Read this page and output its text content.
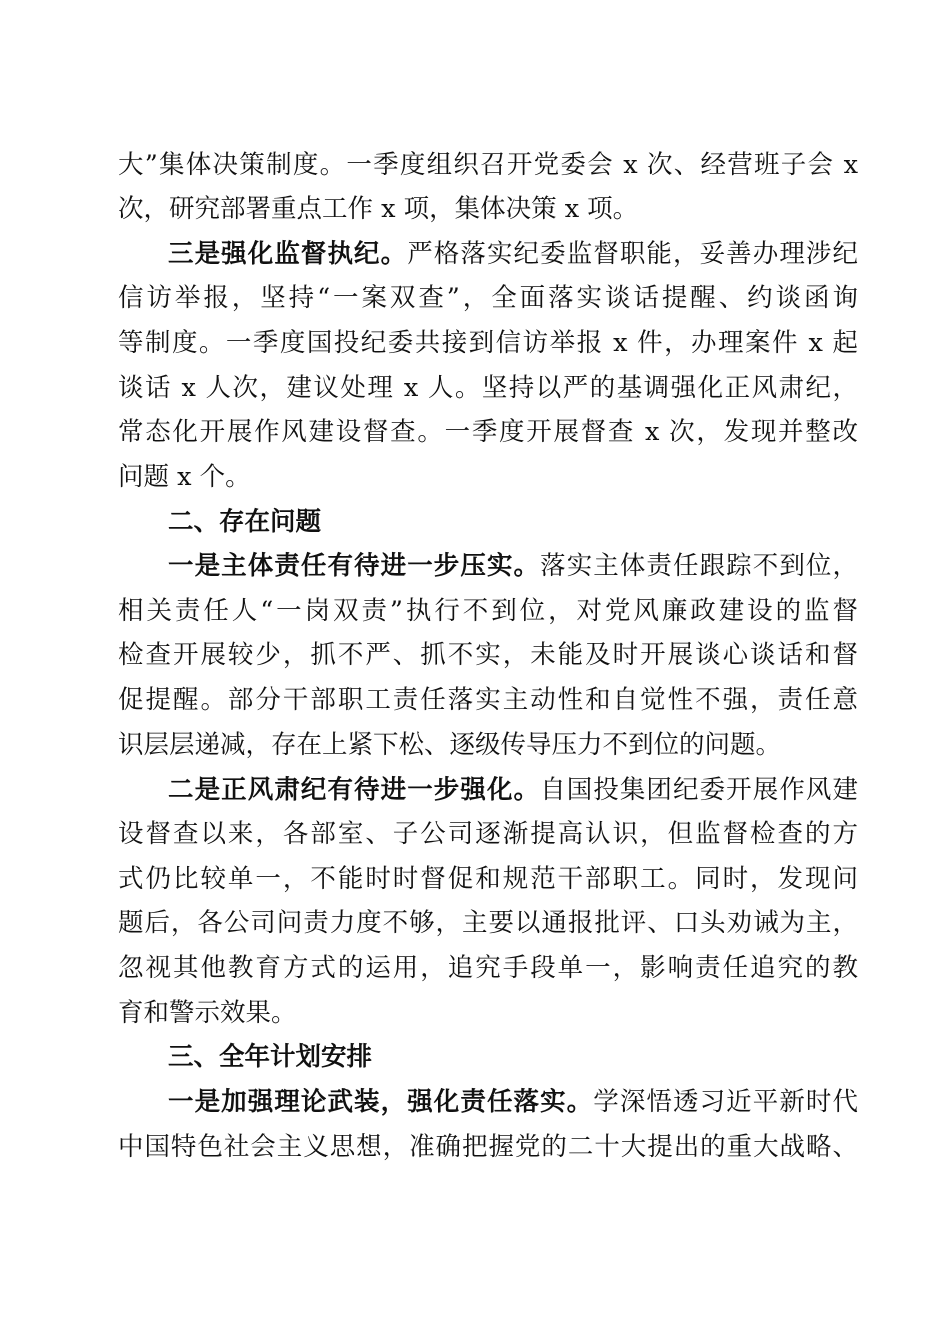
大”集体决策制度。一季度组织召开党委会 x 次、经营班子会 x
次，研究部署重点工作 x 项，集体决策 x 项。
三是强化监督执纪。严格落实纪委监督职能，妥善办理涉纪
信访举报，坚持“一案双查”，全面落实谈话提醒、约谈函询
等制度。一季度国投纪委共接到信访举报 x 件，办理案件 x 起
谈话 x 人次，建议处理 x 人。坚持以严的基调强化正风肃纪，
常态化开展作风建设督查。一季度开展督查 x 次，发现并整改
问题 x 个。
二、存在问题
一是主体责任有待进一步压实。落实主体责任跟踪不到位，
相关责任人“一岗双责”执行不到位，对党风廉政建设的监督
检查开展较少，抓不严、抓不实，未能及时开展谈心谈话和督
促提醒。部分干部职工责任落实主动性和自觉性不强，责任意
识层层递减，存在上紧下松、逐级传导压力不到位的问题。
二是正风肃纪有待进一步强化。自国投集团纪委开展作风建
设督查以来，各部室、子公司逐渐提高认识，但监督检查的方
式仍比较单一，不能时时督促和规范干部职工。同时，发现问
题后，各公司问责力度不够，主要以通报批评、口头劝诫为主，
忽视其他教育方式的运用，追究手段单一，影响责任追究的教
育和警示效果。
三、全年计划安排
一是加强理论武装，强化责任落实。学深悟透习近平新时代
中国特色社会主义思想，准确把握党的二十大提出的重大战略、
